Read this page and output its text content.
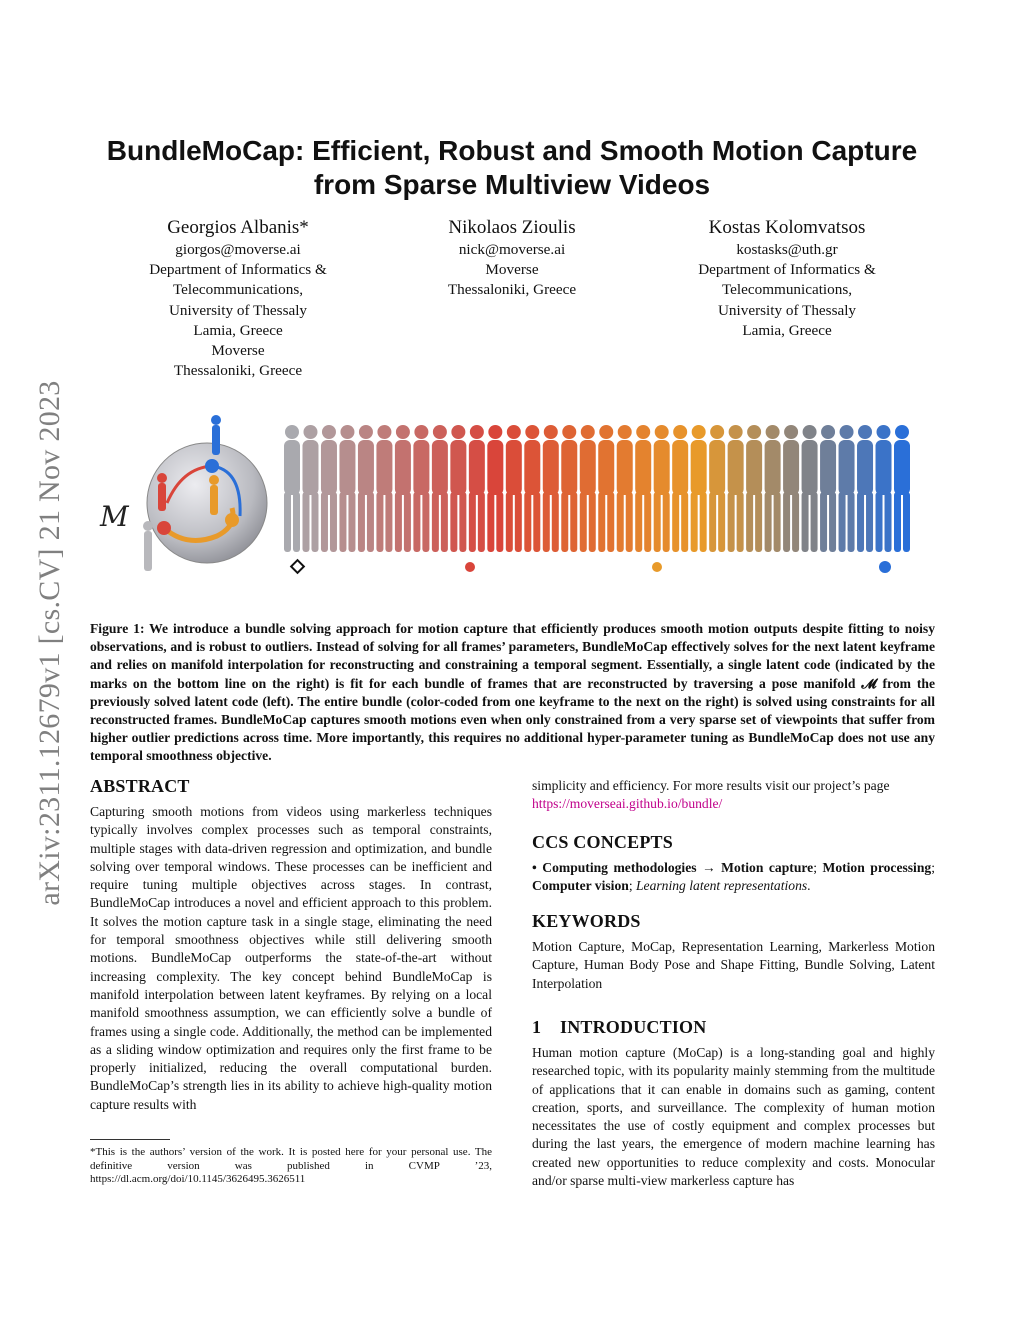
arXiv:2311.12679v1 [cs.CV] 21 Nov 2023
BundleMoCap: Efficient, Robust and Smooth Motion Capture
from Sparse Multiview Videos
Georgios Albanis*
giorgos@moverse.ai
Department of Informatics &
Telecommunications,
University of Thessaly
Lamia, Greece
Moverse
Thessaloniki, Greece
Nikolaos Zioulis
nick@moverse.ai
Moverse
Thessaloniki, Greece
Kostas Kolomvatsos
kostasks@uth.gr
Department of Informatics &
Telecommunications,
University of Thessaly
Lamia, Greece
M
Figure 1: We introduce a bundle solving approach for motion capture that efficiently produces smooth motion outputs despite fitting to noisy observations, and is robust to outliers. Instead of solving for all frames’ parameters, BundleMoCap effectively solves for the next latent keyframe and relies on manifold interpolation for reconstructing and constraining a temporal segment. Essentially, a single latent code (indicated by the marks on the bottom line on the right) is fit for each bundle of frames that are reconstructed by traversing a pose manifold 𝓜 from the previously solved latent code (left). The entire bundle (color-coded from one keyframe to the next on the right) is solved using constraints for all reconstructed frames. BundleMoCap captures smooth motions even when only constrained from a very sparse set of viewpoints that suffer from higher outlier predictions across time. More importantly, this requires no additional hyper-parameter tuning as BundleMoCap does not use any temporal smoothness objective.
ABSTRACT
Capturing smooth motions from videos using markerless techniques typically involves complex processes such as temporal constraints, multiple stages with data-driven regression and optimization, and bundle solving over temporal windows. These processes can be inefficient and require tuning multiple objectives across stages. In contrast, BundleMoCap introduces a novel and efficient approach to this problem. It solves the motion capture task in a single stage, eliminating the need for temporal smoothness objectives while still delivering smooth motions. BundleMoCap outperforms the state-of-the-art without increasing complexity. The key concept behind BundleMoCap is manifold interpolation between latent keyframes. By relying on a local manifold smoothness assumption, we can efficiently solve a bundle of frames using a single code. Additionally, the method can be implemented as a sliding window optimization and requires only the first frame to be properly initialized, reducing the overall computational burden. BundleMoCap’s strength lies in its ability to achieve high-quality motion capture results with
*This is the authors’ version of the work. It is posted here for your personal use. The definitive version was published in CVMP ’23, https://dl.acm.org/doi/10.1145/3626495.3626511
simplicity and efficiency. For more results visit our project’s page
https://moverseai.github.io/bundle/
CCS CONCEPTS
• Computing methodologies → Motion capture; Motion processing; Computer vision; Learning latent representations.
KEYWORDS
Motion Capture, MoCap, Representation Learning, Markerless Motion Capture, Human Body Pose and Shape Fitting, Bundle Solving, Latent Interpolation
1    INTRODUCTION
Human motion capture (MoCap) is a long-standing goal and highly researched topic, with its popularity mainly stemming from the multitude of applications that it can enable in domains such as gaming, content creation, sports, and surveillance. The complexity of human motion necessitates the use of costly equipment and complex processes but during the last years, the emergence of modern machine learning has created new opportunities to reduce complexity and costs. Monocular and/or sparse multi-view markerless capture has
